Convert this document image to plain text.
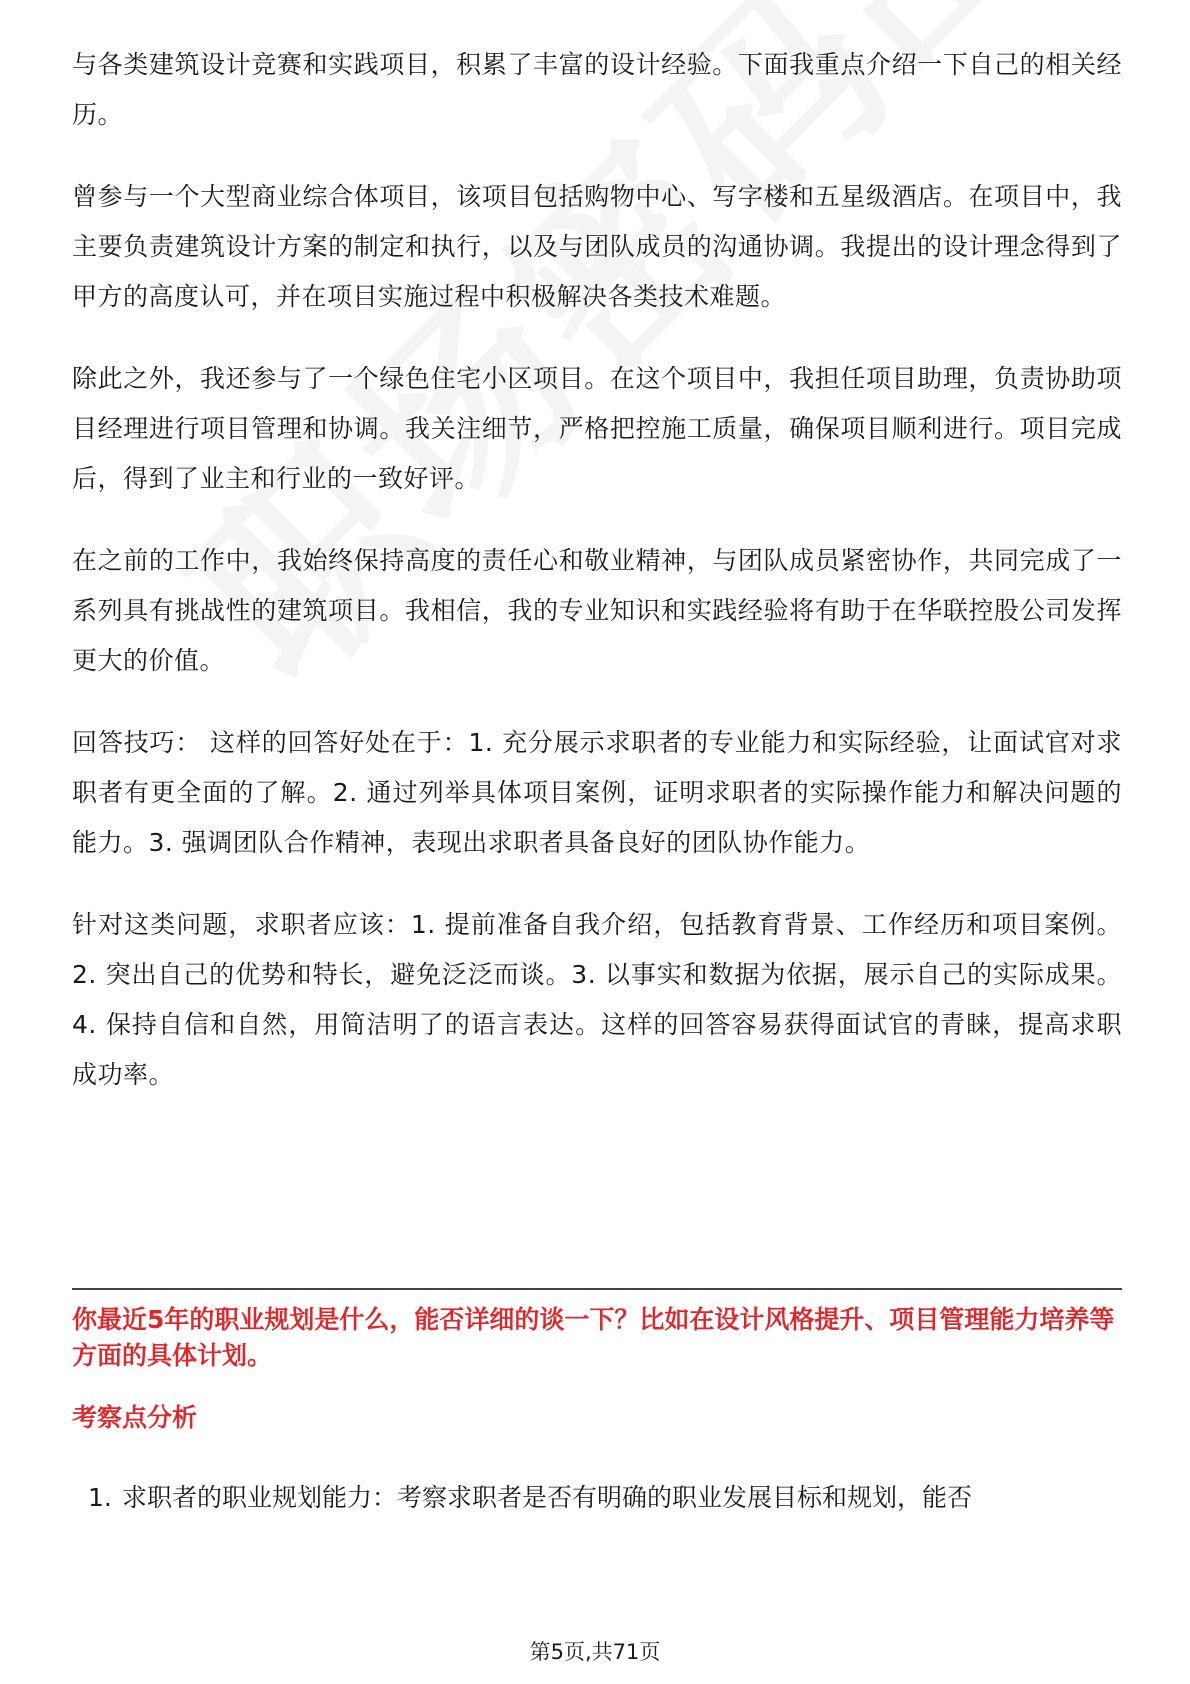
与各类建筑设计竞赛和实践项目，积累了丰富的设计经验。下面我重点介绍一下自己的相关经历。

曾参与一个大型商业综合体项目，该项目包括购物中心、写字楼和五星级酒店。在项目中，我主要负责建筑设计方案的制定和执行，以及与团队成员的沟通协调。我提出的设计理念得到了甲方的高度认可，并在项目实施过程中积极解决各类技术难题。

除此之外，我还参与了一个绿色住宅小区项目。在这个项目中，我担任项目助理，负责协助项目经理进行项目管理和协调。我关注细节，严格把控施工质量，确保项目顺利进行。项目完成后，得到了业主和行业的一致好评。

在之前的工作中，我始终保持高度的责任心和敬业精神，与团队成员紧密协作，共同完成了一系列具有挑战性的建筑项目。我相信，我的专业知识和实践经验将有助于在华联控股公司发挥更大的价值。

回答技巧： 这样的回答好处在于：1. 充分展示求职者的专业能力和实际经验，让面试官对求职者有更全面的了解。2. 通过列举具体项目案例，证明求职者的实际操作能力和解决问题的能力。3. 强调团队合作精神，表现出求职者具备良好的团队协作能力。

针对这类问题，求职者应该：1. 提前准备自我介绍，包括教育背景、工作经历和项目案例。2. 突出自己的优势和特长，避免泛泛而谈。3. 以事实和数据为依据，展示自己的实际成果。4. 保持自信和自然，用简洁明了的语言表达。这样的回答容易获得面试官的青睐，提高求职成功率。

你最近5年的职业规划是什么，能否详细的谈一下？比如在设计风格提升、项目管理能力培养等方面的具体计划。

考察点分析

1. 求职者的职业规划能力：考察求职者是否有明确的职业发展目标和规划，能否

第5页,共71页
